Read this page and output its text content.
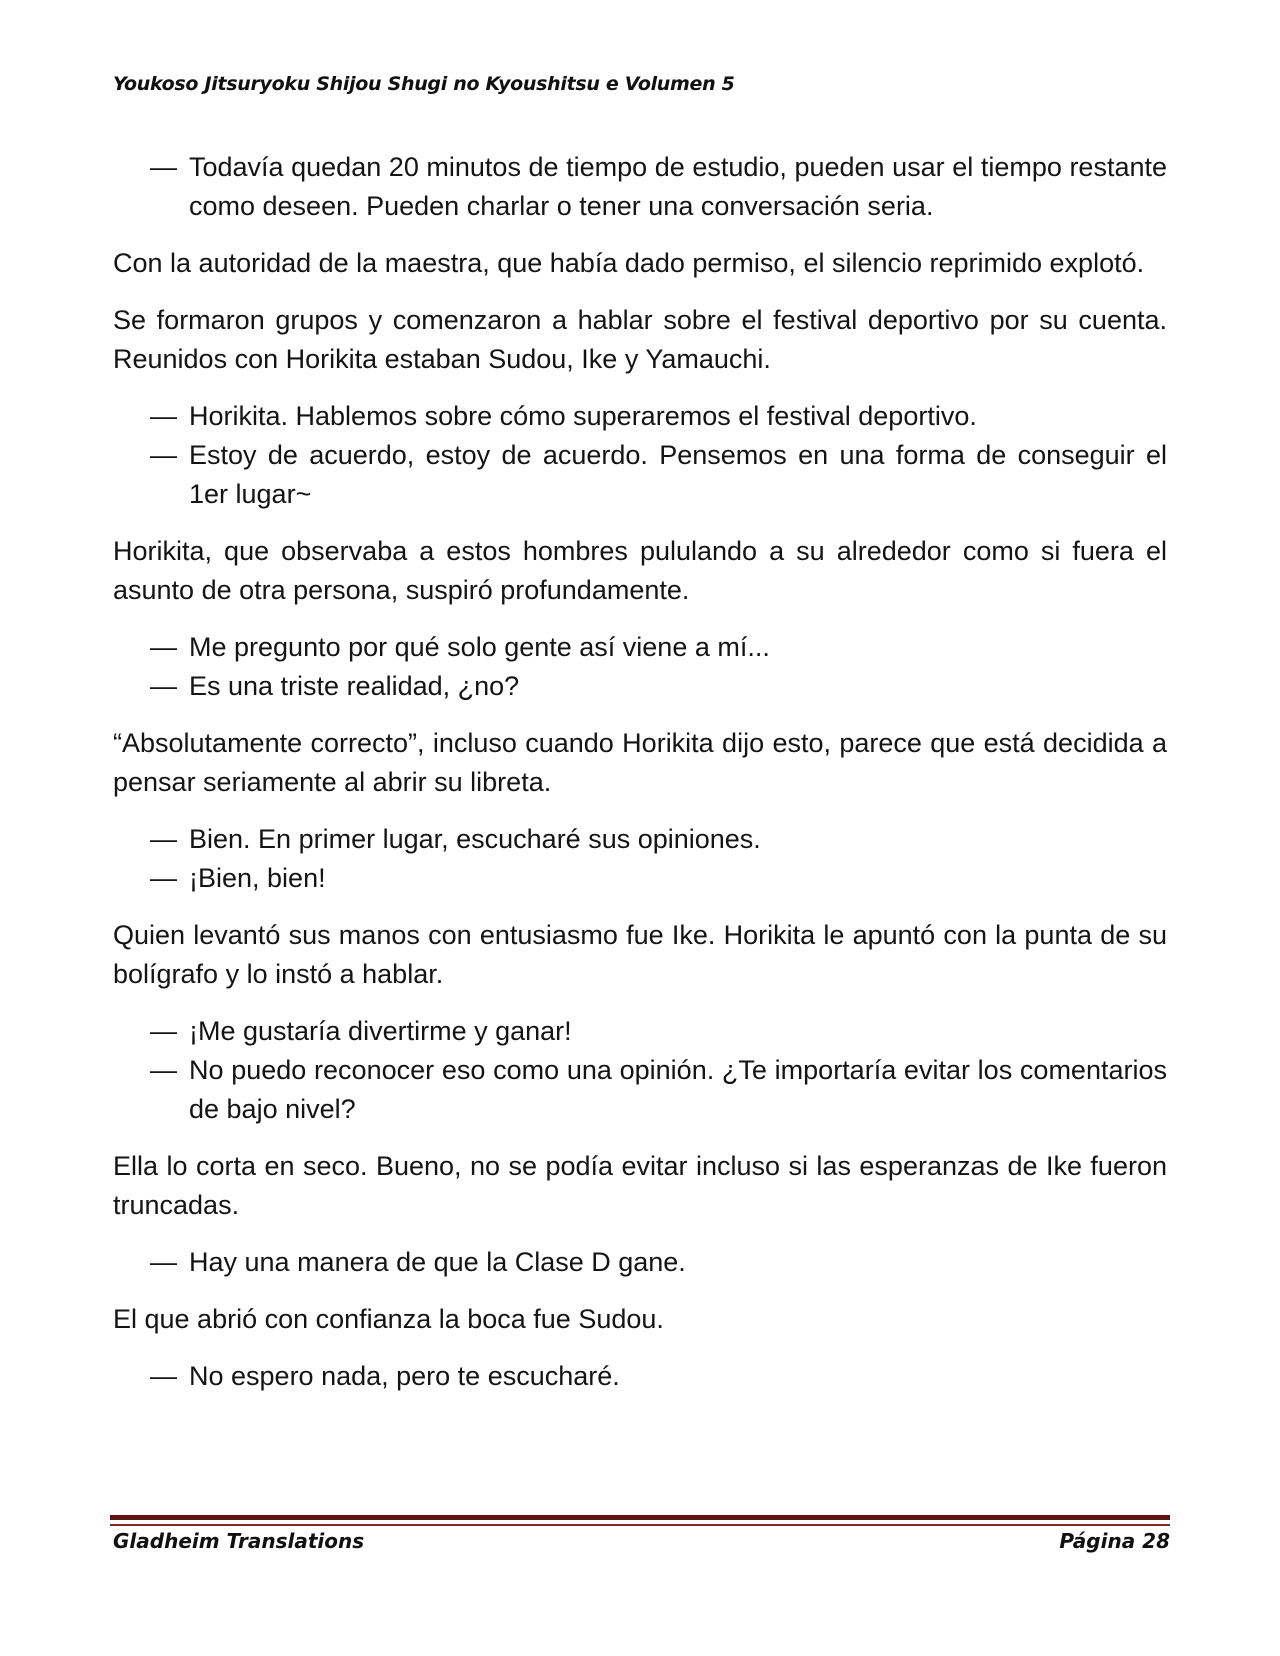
Youkoso Jitsuryoku Shijou Shugi no Kyoushitsu e Volumen 5
— Todavía quedan 20 minutos de tiempo de estudio, pueden usar el tiempo restante como deseen. Pueden charlar o tener una conversación seria.
Con la autoridad de la maestra, que había dado permiso, el silencio reprimido explotó.
Se formaron grupos y comenzaron a hablar sobre el festival deportivo por su cuenta. Reunidos con Horikita estaban Sudou, Ike y Yamauchi.
— Horikita. Hablemos sobre cómo superaremos el festival deportivo.
— Estoy de acuerdo, estoy de acuerdo. Pensemos en una forma de conseguir el 1er lugar~
Horikita, que observaba a estos hombres pululando a su alrededor como si fuera el asunto de otra persona, suspiró profundamente.
— Me pregunto por qué solo gente así viene a mí...
— Es una triste realidad, ¿no?
“Absolutamente correcto”, incluso cuando Horikita dijo esto, parece que está decidida a pensar seriamente al abrir su libreta.
— Bien. En primer lugar, escucharé sus opiniones.
— ¡Bien, bien!
Quien levantó sus manos con entusiasmo fue Ike. Horikita le apuntó con la punta de su bolígrafo y lo instó a hablar.
— ¡Me gustaría divertirme y ganar!
— No puedo reconocer eso como una opinión. ¿Te importaría evitar los comentarios de bajo nivel?
Ella lo corta en seco. Bueno, no se podía evitar incluso si las esperanzas de Ike fueron truncadas.
— Hay una manera de que la Clase D gane.
El que abrió con confianza la boca fue Sudou.
— No espero nada, pero te escucharé.
Gladheim Translations	Página 28
